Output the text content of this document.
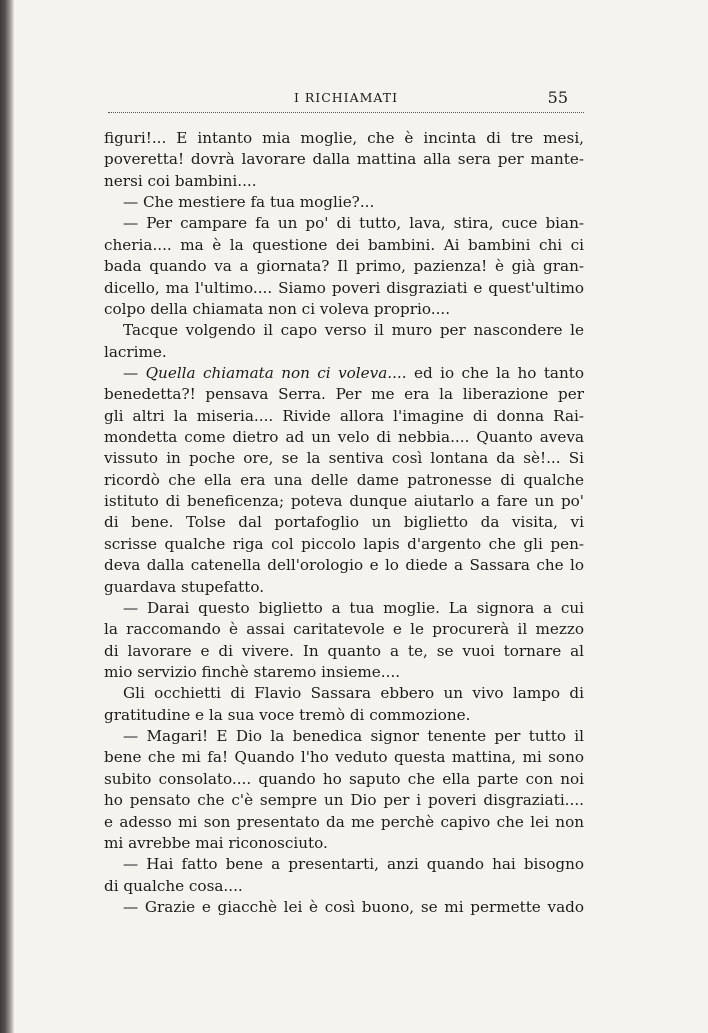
I RICHIAMATI	55
figuri!... E intanto mia moglie, che è incinta di tre mesi,
poveretta! dovrà lavorare dalla mattina alla sera per mante-
nersi coi bambini....
— Che mestiere fa tua moglie?...
— Per campare fa un po' di tutto, lava, stira, cuce bian-
cheria.... ma è la questione dei bambini. Ai bambini chi ci
bada quando va a giornata? Il primo, pazienza! è già gran-
dicello, ma l'ultimo.... Siamo poveri disgraziati e quest'ultimo
colpo della chiamata non ci voleva proprio....
Tacque volgendo il capo verso il muro per nascondere le
lacrime.
— Quella chiamata non ci voleva.... ed io che la ho tanto
benedetta?! pensava Serra. Per me era la liberazione per
gli altri la miseria.... Rivide allora l'imagine di donna Rai-
mondetta come dietro ad un velo di nebbia.... Quanto aveva
vissuto in poche ore, se la sentiva così lontana da sè!... Si
ricordò che ella era una delle dame patronesse di qualche
istituto di beneficenza; poteva dunque aiutarlo a fare un po'
di bene. Tolse dal portafoglio un biglietto da visita, vi
scrisse qualche riga col piccolo lapis d'argento che gli pen-
deva dalla catenella dell'orologio e lo diede a Sassara che lo
guardava stupefatto.
— Darai questo biglietto a tua moglie. La signora a cui
la raccomando è assai caritatevole e le procurerà il mezzo
di lavorare e di vivere. In quanto a te, se vuoi tornare al
mio servizio finchè staremo insieme....
Gli occhietti di Flavio Sassara ebbero un vivo lampo di
gratitudine e la sua voce tremò di commozione.
— Magari! E Dio la benedica signor tenente per tutto il
bene che mi fa! Quando l'ho veduto questa mattina, mi sono
subito consolato.... quando ho saputo che ella parte con noi
ho pensato che c'è sempre un Dio per i poveri disgraziati....
e adesso mi son presentato da me perchè capivo che lei non
mi avrebbe mai riconosciuto.
— Hai fatto bene a presentarti, anzi quando hai bisogno
di qualche cosa....
— Grazie e giacchè lei è così buono, se mi permette vado
